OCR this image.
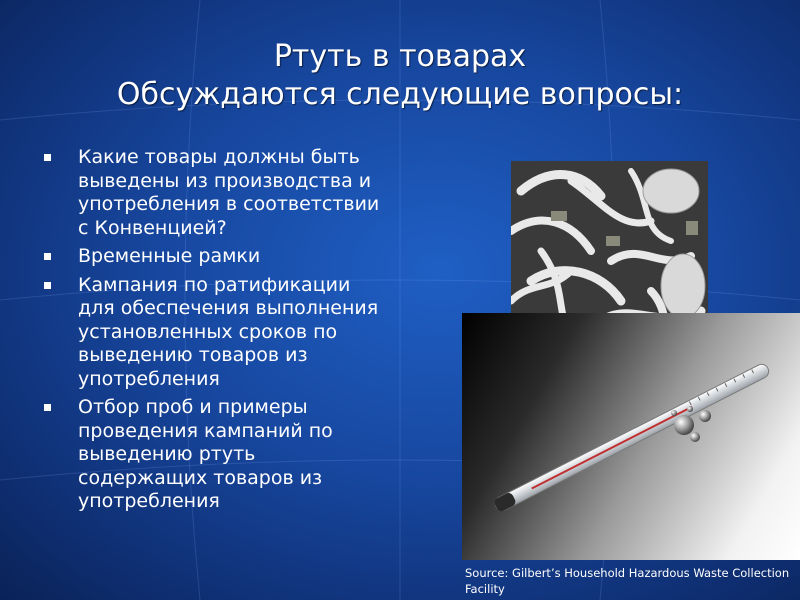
Ртуть в товарах
Обсуждаются следующие вопросы:
Какие товары должны быть выведены из производства и употребления в соответствии с Конвенцией?
Временные рамки
Кампания по ратификации для обеспечения выполнения установленных сроков по выведению товаров из употребления
Отбор проб и примеры проведения кампаний по выведению ртуть содержащих товаров из употребления
Source: Gilbert’s Household Hazardous Waste Collection Facility
